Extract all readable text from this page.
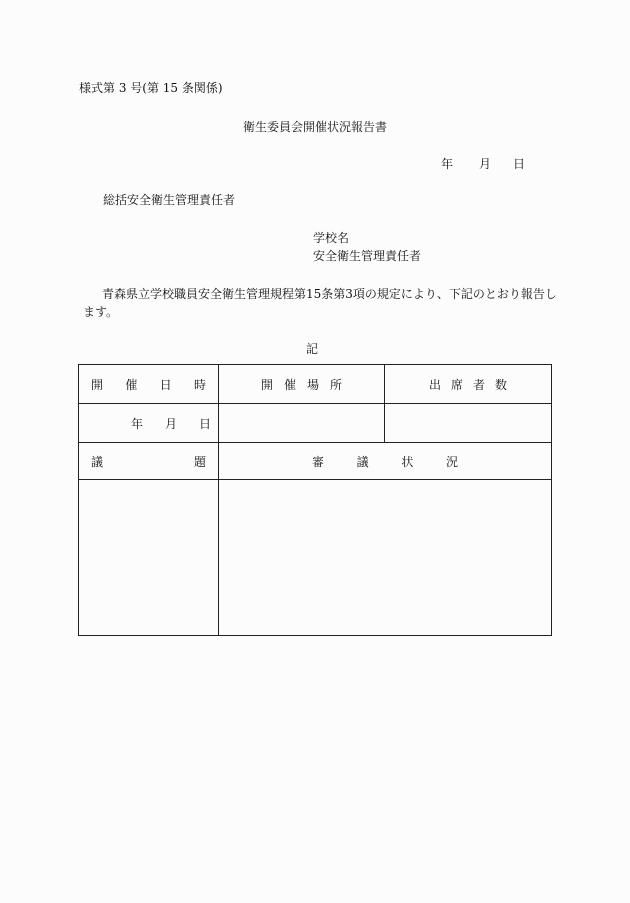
様式第 3 号(第 15 条関係)
衛生委員会開催状況報告書
年 月 日
総括安全衛生管理責任者
学校名
安全衛生管理責任者
青森県立学校職員安全衛生管理規程第15条第3項の規定により、下記のとおり報告します。
記
開 催 日 時	開 催 場 所	出 席 者 数

年 月 日		

議 題	審 議 状 況	
